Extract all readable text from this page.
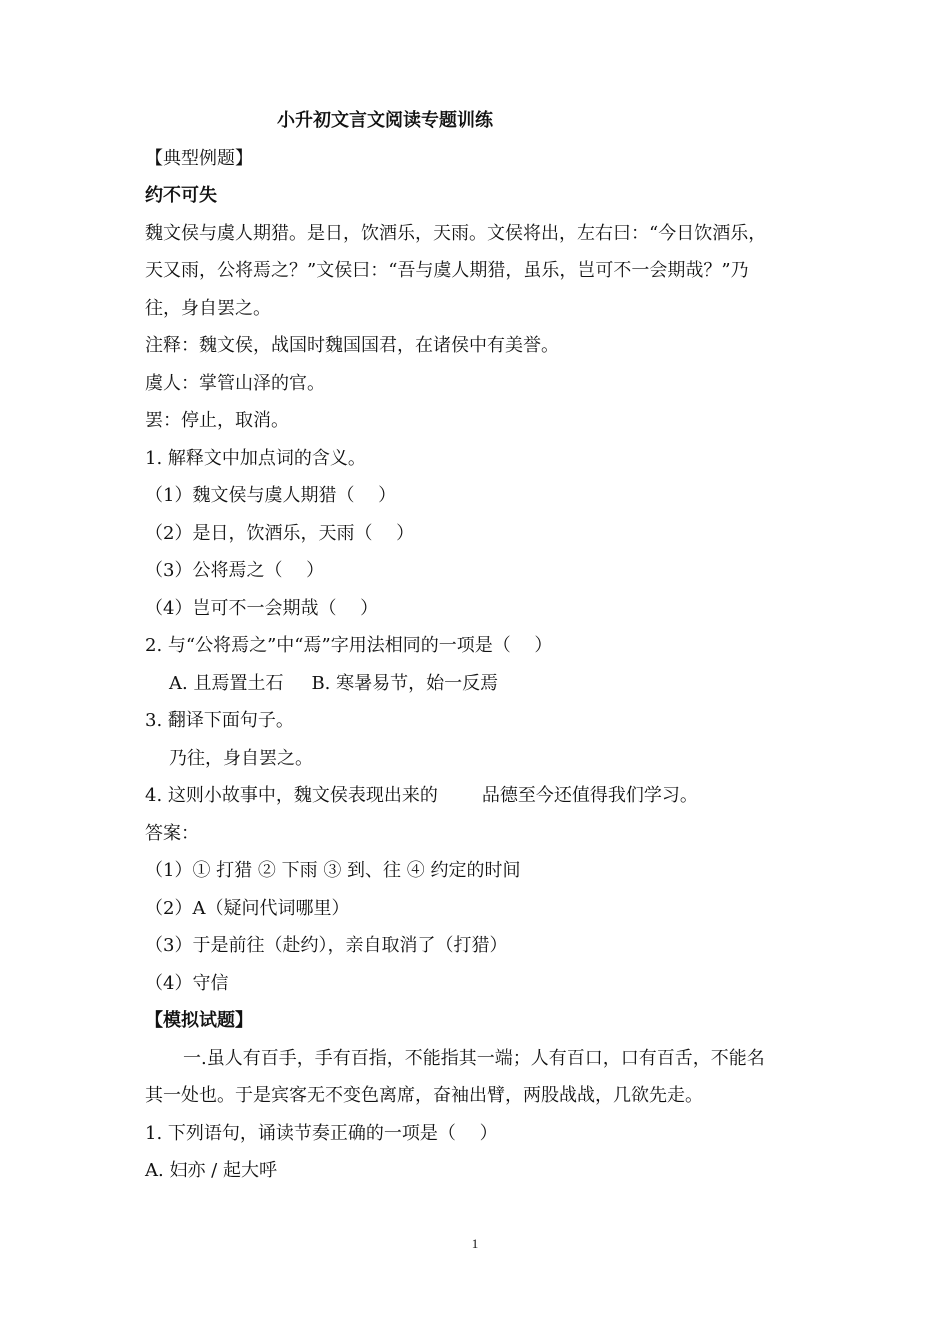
小升初文言文阅读专题训练
【典型例题】
约不可失
魏文侯与虞人期猎。是日，饮酒乐，天雨。文侯将出，左右曰：“今日饮酒乐，
天又雨，公将焉之？”文侯曰：“吾与虞人期猎，虽乐，岂可不一会期哉？”乃
往，身自罢之。
注释：魏文侯，战国时魏国国君，在诸侯中有美誉。
虞人：掌管山泽的官。
罢：停止，取消。
1. 解释文中加点词的含义。
（1）魏文侯与虞人期猎（　 ）
（2）是日，饮酒乐，天雨（　 ）
（3）公将焉之（　 ）
（4）岂可不一会期哉（　 ）
2. 与“公将焉之”中“焉”字用法相同的一项是（　 ）
A. 且焉置土石 B. 寒暑易节，始一反焉
3. 翻译下面句子。
乃往，身自罢之。
4. 这则小故事中，魏文侯表现出来的 品德至今还值得我们学习。
答案：
（1）① 打猎 ② 下雨 ③ 到、往 ④ 约定的时间
（2）A（疑问代词哪里）
（3）于是前往（赴约），亲自取消了（打猎）
（4）守信
【模拟试题】
一.虽人有百手，手有百指，不能指其一端；人有百口，口有百舌，不能名
其一处也。于是宾客无不变色离席，奋袖出臂，两股战战，几欲先走。
1. 下列语句，诵读节奏正确的一项是（　 ）
A. 妇亦 / 起大呼
1
